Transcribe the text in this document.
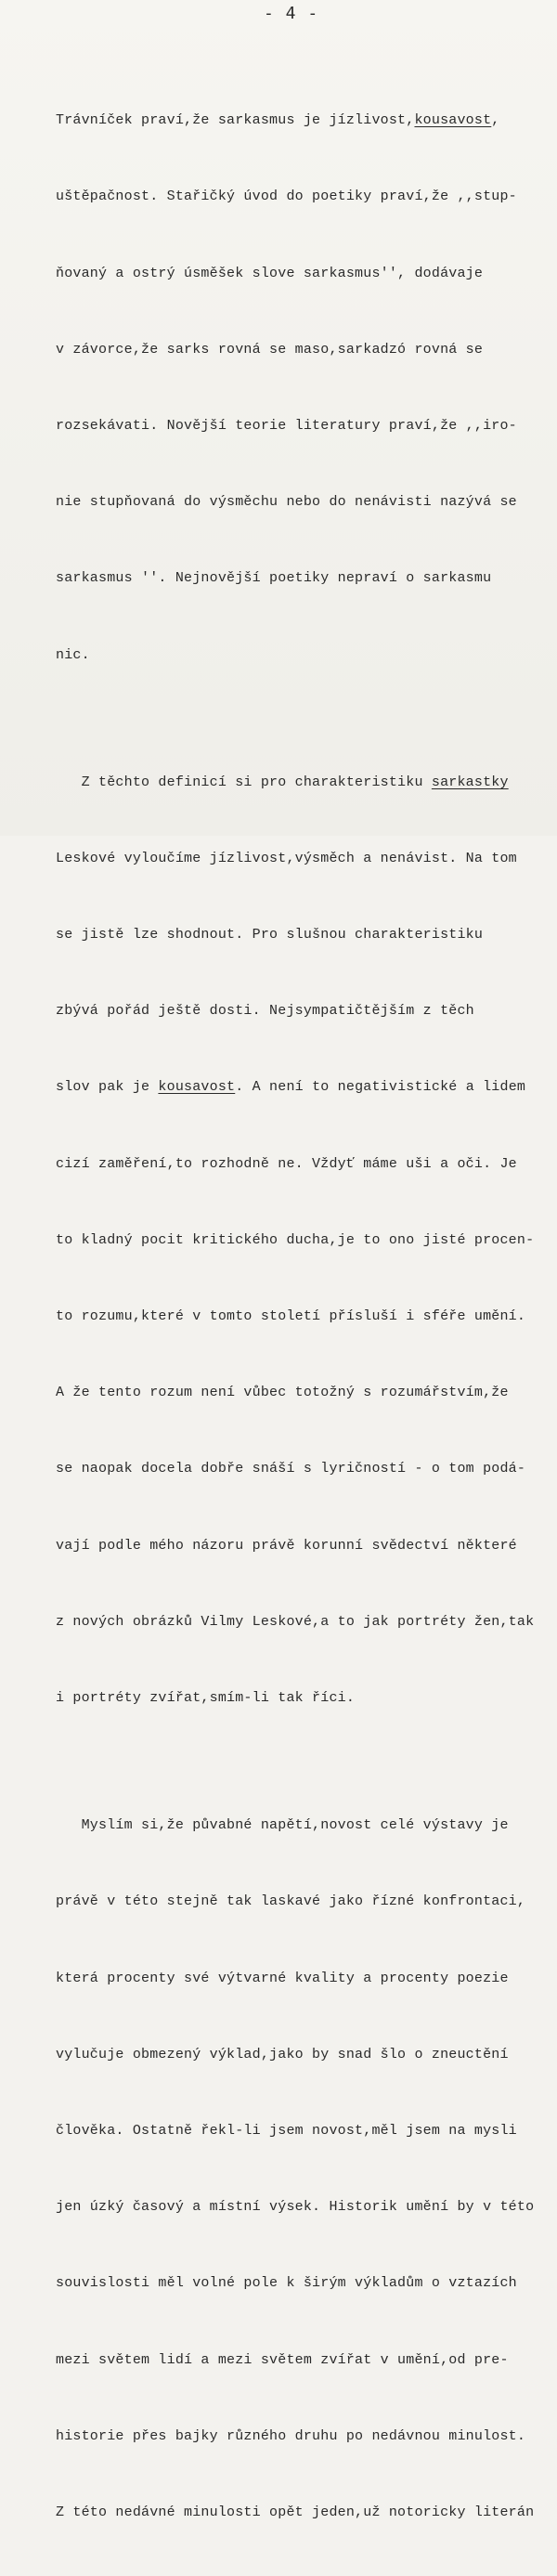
- 4 -

Trávníček praví,že sarkasmus je jízlivost,kousavost,

uštěpačnost. Stařičký úvod do poetiky praví,že ,,stup-

ňovaný a ostrý úsměšek slove sarkasmus'', dodávaje

v závorce,že sarks rovná se maso,sarkadzó rovná se

rozsekávati. Novější teorie literatury praví,že ,,iro-

nie stupňovaná do výsměchu nebo do nenávisti nazývá se

sarkasmus ''. Nejnovější poetiky nepraví o sarkasmu

nic.

Z těchto definicí si pro charakteristiku sarkastky

Leskové vyloučíme jízlivost,výsměch a nenávist. Na tom

se jistě lze shodnout. Pro slušnou charakteristiku

zbývá pořád ještě dosti. Nejsympatičtějším z těch

slov pak je kousavost. A není to negativistické a lidem

cizí zaměření,to rozhodně ne. Vždyť máme uši a oči. Je

to kladný pocit kritického ducha,je to ono jisté procen-

to rozumu,které v tomto století přísluší i sféře umění.

A že tento rozum není vůbec totožný s rozumářstvím,že

se naopak docela dobře snáší s lyričností - o tom podá-

vají podle mého názoru právě korunní svědectví některé

z nových obrázků Vilmy Leskové,a to jak portréty žen,tak

i portréty zvířat,smím-li tak říci.

Myslím si,že půvabné napětí,novost celé výstavy je

právě v této stejně tak laskavé jako řízné konfrontaci,

která procenty své výtvarné kvality a procenty poezie

vylučuje obmezený výklad,jako by snad šlo o zneuctění

člověka. Ostatně řekl-li jsem novost,měl jsem na mysli

jen úzký časový a místní výsek. Historik umění by v této

souvislosti měl volné pole k širým výkladům o vztazích

mezi světem lidí a mezi světem zvířat v umění,od pre-

historie přes bajky různého druhu po nedávnou minulost.

Z této nedávné minulosti opět jeden,už notoricky literán
